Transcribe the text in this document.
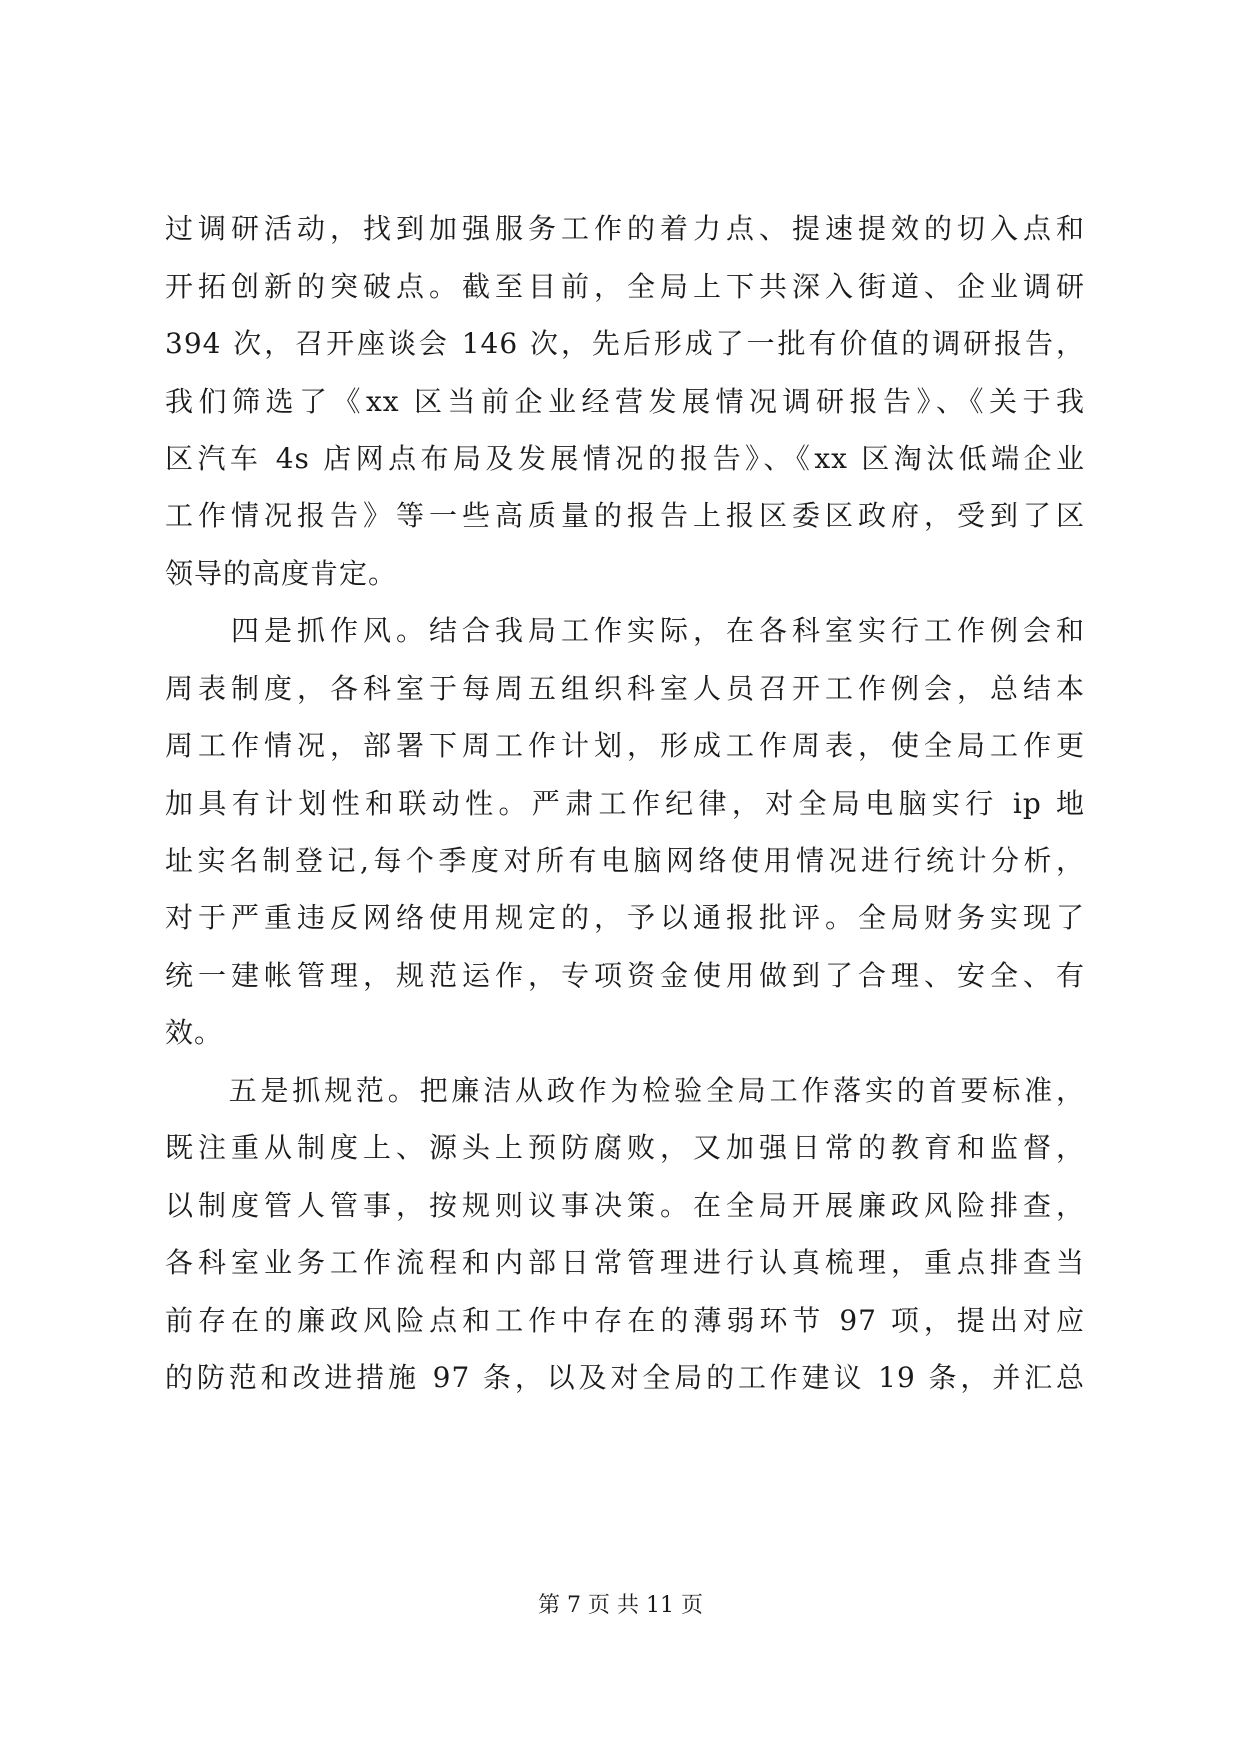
过调研活动，找到加强服务工作的着力点、提速提效的切入点和
开拓创新的突破点。截至目前，全局上下共深入街道、企业调研
394 次，召开座谈会 146 次，先后形成了一批有价值的调研报告，
我们筛选了《xx 区当前企业经营发展情况调研报告》、《关于我
区汽车 4s 店网点布局及发展情况的报告》、《xx 区淘汰低端企业
工作情况报告》等一些高质量的报告上报区委区政府，受到了区
领导的高度肯定。
　　四是抓作风。结合我局工作实际，在各科室实行工作例会和
周表制度，各科室于每周五组织科室人员召开工作例会，总结本
周工作情况，部署下周工作计划，形成工作周表，使全局工作更
加具有计划性和联动性。严肃工作纪律，对全局电脑实行 ip 地
址实名制登记,每个季度对所有电脑网络使用情况进行统计分析，
对于严重违反网络使用规定的，予以通报批评。全局财务实现了
统一建帐管理，规范运作，专项资金使用做到了合理、安全、有
效。
　　五是抓规范。把廉洁从政作为检验全局工作落实的首要标准，
既注重从制度上、源头上预防腐败，又加强日常的教育和监督，
以制度管人管事，按规则议事决策。在全局开展廉政风险排查，
各科室业务工作流程和内部日常管理进行认真梳理，重点排查当
前存在的廉政风险点和工作中存在的薄弱环节 97 项，提出对应
的防范和改进措施 97 条，以及对全局的工作建议 19 条，并汇总
第 7 页 共 11 页
